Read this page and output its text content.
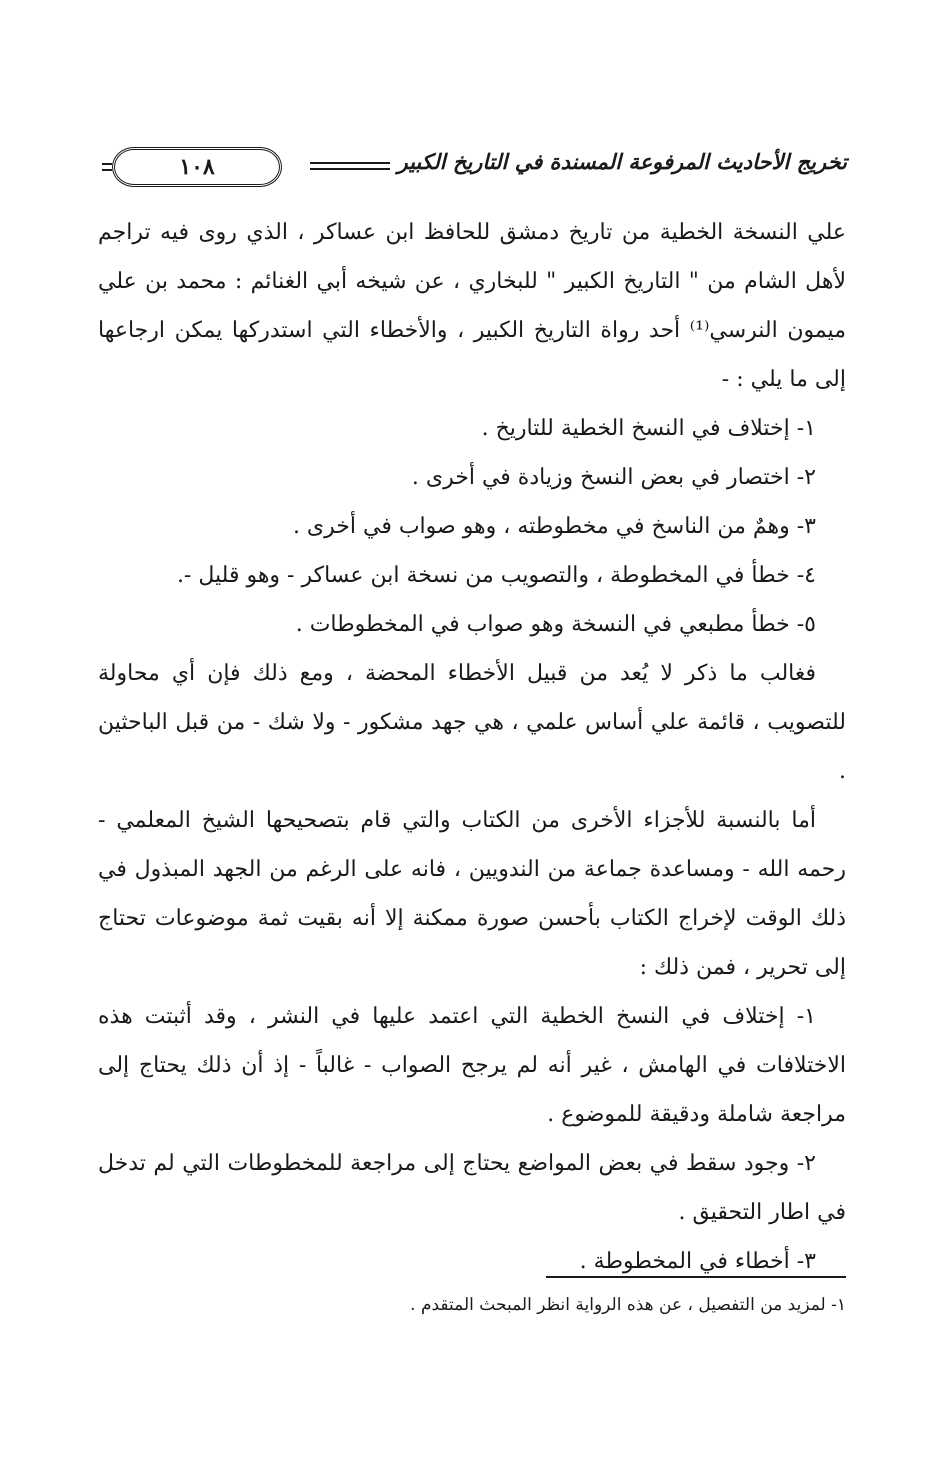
١٠٨	تخريج الأحاديث المرفوعة المسندة في التاريخ الكبير

علي النسخة الخطية من تاريخ دمشق للحافظ ابن عساكر ، الذي روى فيه تراجم لأهل الشام من " التاريخ الكبير " للبخاري ، عن شيخه أبي الغنائم : محمد بن علي ميمون النرسي⁽¹⁾ أحد رواة التاريخ الكبير ، والأخطاء التي استدركها يمكن ارجاعها إلى ما يلي : -

١- إختلاف في النسخ الخطية للتاريخ .

٢- اختصار في بعض النسخ وزيادة في أخرى .

٣- وهمٌ من الناسخ في مخطوطته ، وهو صواب في أخرى .

٤- خطأ في المخطوطة ، والتصويب من نسخة ابن عساكر - وهو قليل -.

٥- خطأ مطبعي في النسخة وهو صواب في المخطوطات .

فغالب ما ذكر لا يُعد من قبيل الأخطاء المحضة ، ومع ذلك فإن أي محاولة للتصويب ، قائمة علي أساس علمي ، هي جهد مشكور - ولا شك - من قبل الباحثين .

أما بالنسبة للأجزاء الأخرى من الكتاب والتي قام بتصحيحها الشيخ المعلمي - رحمه الله - ومساعدة جماعة من الندويين ، فانه على الرغم من الجهد المبذول في ذلك الوقت لإخراج الكتاب بأحسن صورة ممكنة إلا أنه بقيت ثمة موضوعات تحتاج إلى تحرير ، فمن ذلك :

١- إختلاف في النسخ الخطية التي اعتمد عليها في النشر ، وقد أثبتت هذه الاختلافات في الهامش ، غير أنه لم يرجح الصواب - غالباً - إذ أن ذلك يحتاج إلى مراجعة شاملة ودقيقة للموضوع .

٢- وجود سقط في بعض المواضع يحتاج إلى مراجعة للمخطوطات التي لم تدخل في اطار التحقيق .

٣- أخطاء في المخطوطة .

١- لمزيد من التفصيل ، عن هذه الرواية انظر المبحث المتقدم .
